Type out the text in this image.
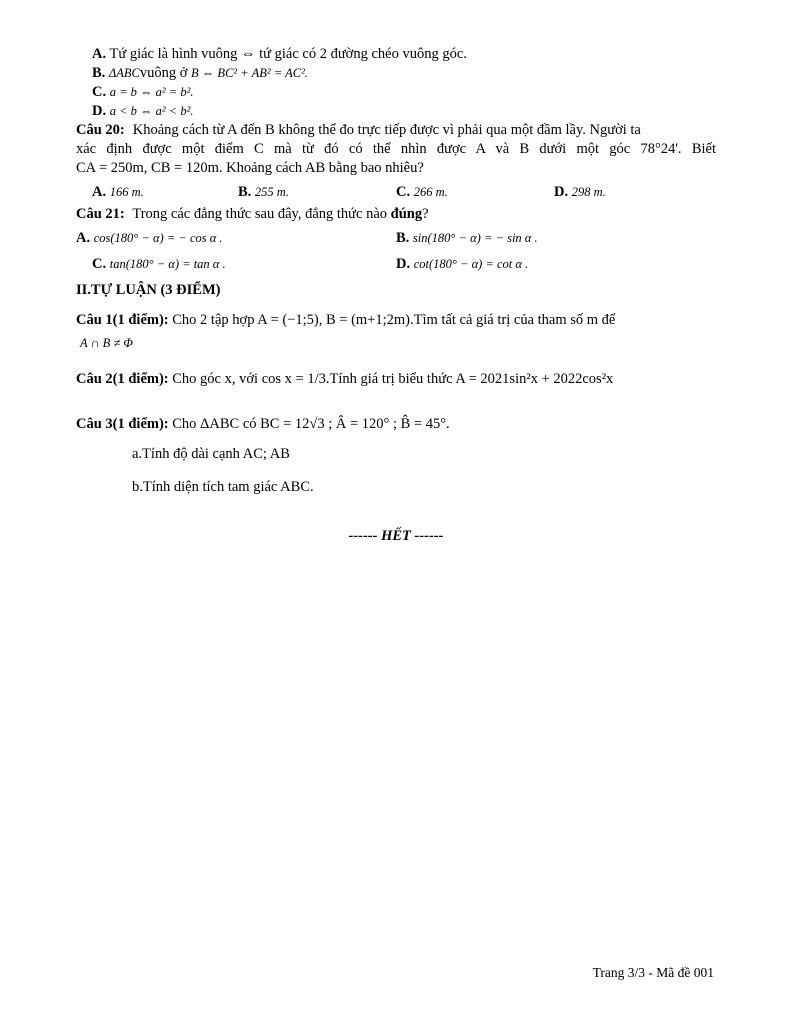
A. Tứ giác là hình vuông ⇔ tứ giác có 2 đường chéo vuông góc.
B. ΔABCvuông ở B ⇔ BC² + AB² = AC².
C. a = b ⇔ a² = b².
D. a < b ⇔ a² < b².
Câu 20: Khoảng cách từ A đến B không thể đo trực tiếp được vì phải qua một đầm lầy. Người ta
xác định được một điểm C mà từ đó có thể nhìn được A và B dưới một góc 78°24'. Biết
CA = 250m, CB = 120m. Khoảng cách AB bằng bao nhiêu?
A. 166 m.	B. 255 m.	C. 266 m.	D. 298 m.
Câu 21: Trong các đẳng thức sau đây, đẳng thức nào đúng?
A. cos(180° − α) = − cos α .	B. sin(180° − α) = − sin α .
C. tan(180° − α) = tan α .	D. cot(180° − α) = cot α .
II.TỰ LUẬN (3 ĐIỂM)
Câu 1(1 điểm): Cho 2 tập hợp A = (−1;5), B = (m+1;2m).Tìm tất cả giá trị của tham số m để
A ∩ B ≠ Φ
Câu 2(1 điểm): Cho góc x, với cos x = 1/3.Tính giá trị biểu thức A = 2021sin²x + 2022cos²x
Câu 3(1 điểm): Cho ΔABC có BC = 12√3 ; Â = 120° ; B̂ = 45°.
a.Tính độ dài cạnh AC; AB
b.Tính diện tích tam giác ABC.
------ HẾT ------
Trang 3/3 - Mã đề 001
